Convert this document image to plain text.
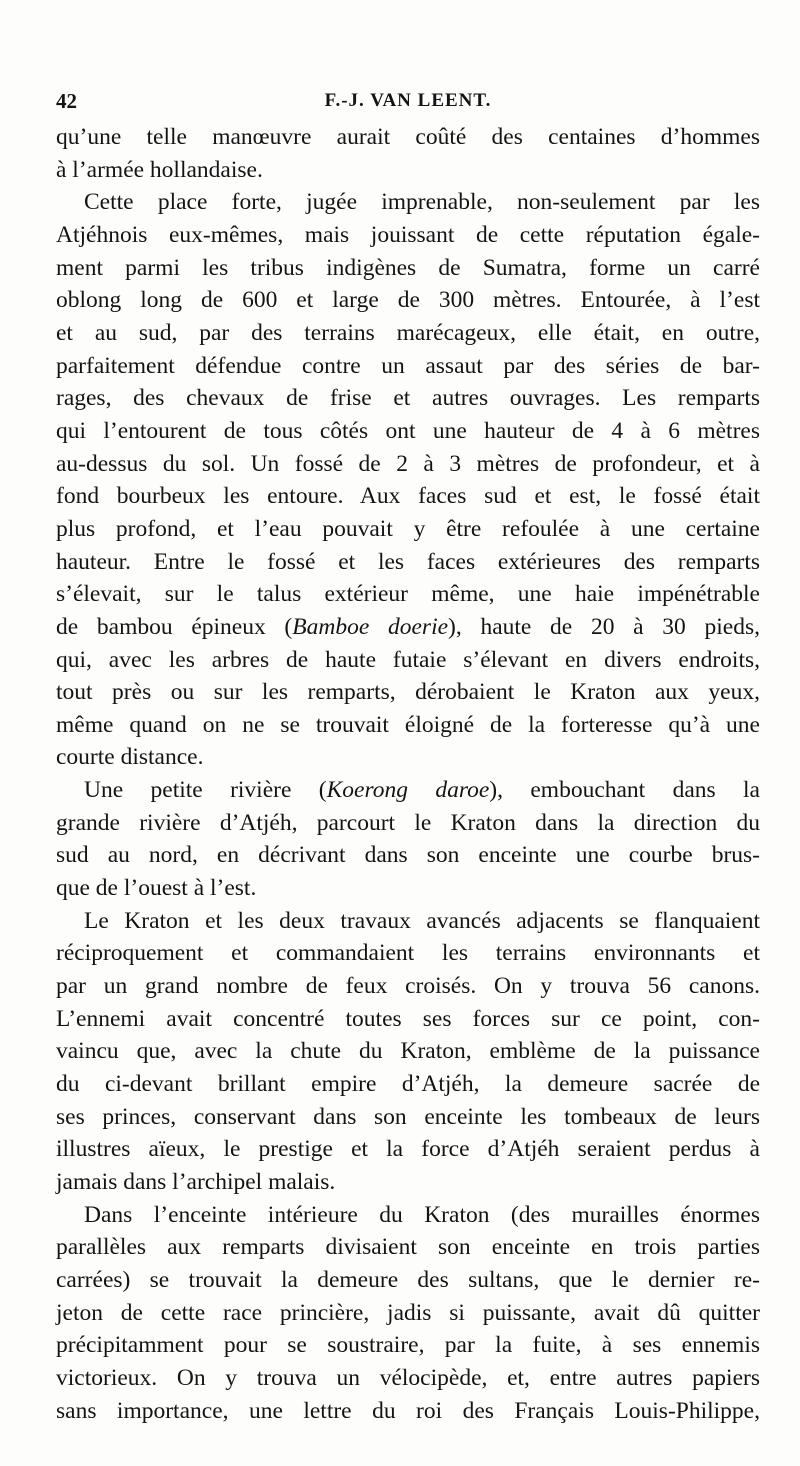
42	F.-J. VAN LEENT.
qu’une telle manœuvre aurait coûté des centaines d’hommes
à l’armée hollandaise.
Cette place forte, jugée imprenable, non-seulement par les
Atjéhnois eux-mêmes, mais jouissant de cette réputation égale-
ment parmi les tribus indigènes de Sumatra, forme un carré
oblong long de 600 et large de 300 mètres. Entourée, à l’est
et au sud, par des terrains marécageux, elle était, en outre,
parfaitement défendue contre un assaut par des séries de bar-
rages, des chevaux de frise et autres ouvrages. Les remparts
qui l’entourent de tous côtés ont une hauteur de 4 à 6 mètres
au-dessus du sol. Un fossé de 2 à 3 mètres de profondeur, et à
fond bourbeux les entoure. Aux faces sud et est, le fossé était
plus profond, et l’eau pouvait y être refoulée à une certaine
hauteur. Entre le fossé et les faces extérieures des remparts
s’élevait, sur le talus extérieur même, une haie impénétrable
de bambou épineux (Bamboe doerie), haute de 20 à 30 pieds,
qui, avec les arbres de haute futaie s’élevant en divers endroits,
tout près ou sur les remparts, dérobaient le Kraton aux yeux,
même quand on ne se trouvait éloigné de la forteresse qu’à une
courte distance.
Une petite rivière (Koerong daroe), embouchant dans la
grande rivière d’Atjéh, parcourt le Kraton dans la direction du
sud au nord, en décrivant dans son enceinte une courbe brus-
que de l’ouest à l’est.
Le Kraton et les deux travaux avancés adjacents se flanquaient
réciproquement et commandaient les terrains environnants et
par un grand nombre de feux croisés. On y trouva 56 canons.
L’ennemi avait concentré toutes ses forces sur ce point, con-
vaincu que, avec la chute du Kraton, emblème de la puissance
du ci-devant brillant empire d’Atjéh, la demeure sacrée de
ses princes, conservant dans son enceinte les tombeaux de leurs
illustres aïeux, le prestige et la force d’Atjéh seraient perdus à
jamais dans l’archipel malais.
Dans l’enceinte intérieure du Kraton (des murailles énormes
parallèles aux remparts divisaient son enceinte en trois parties
carrées) se trouvait la demeure des sultans, que le dernier re-
jeton de cette race princière, jadis si puissante, avait dû quitter
précipitamment pour se soustraire, par la fuite, à ses ennemis
victorieux. On y trouva un vélocipède, et, entre autres papiers
sans importance, une lettre du roi des Français Louis-Philippe,
